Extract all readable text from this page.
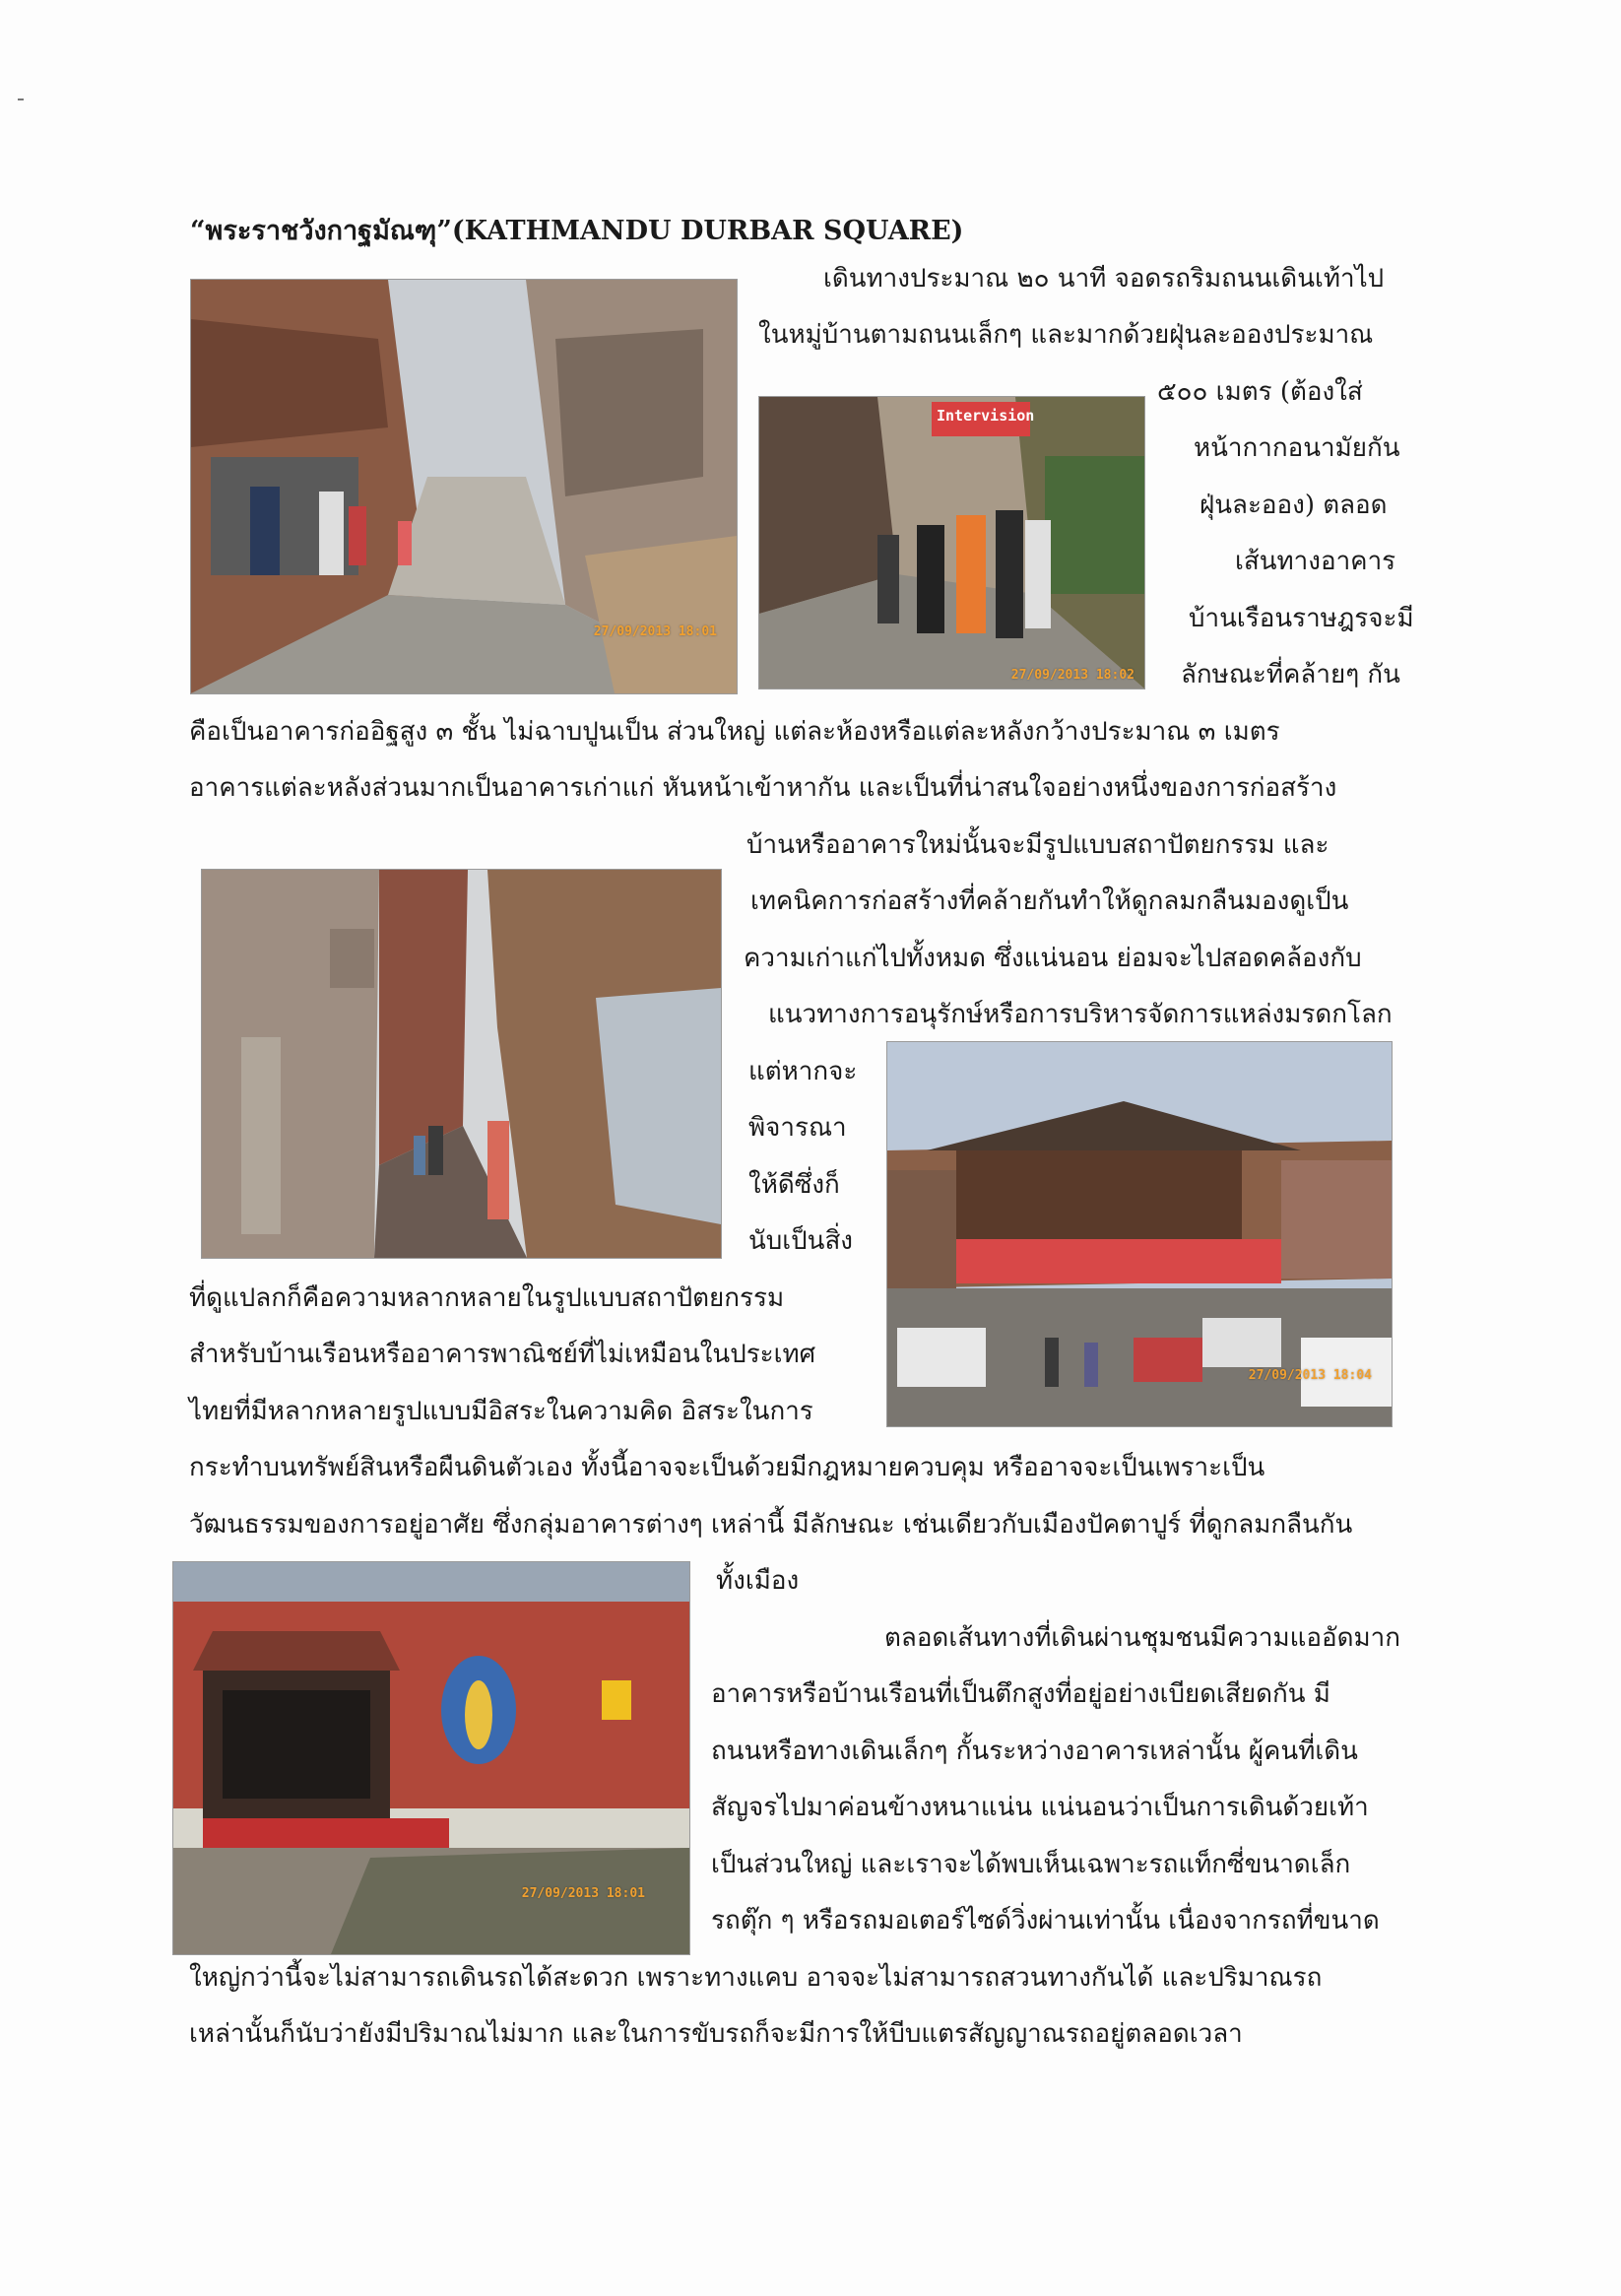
“พระราชวังกาฐมัณฑุ”(KATHMANDU DURBAR SQUARE)
27/09/2013 18:01
Intervision
27/09/2013 18:02
27/09/2013 18:04
27/09/2013 18:01
เดินทางประมาณ ๒๐ นาที จอดรถริมถนนเดินเท้าไป
ในหมู่บ้านตามถนนเล็กๆ และมากด้วยฝุ่นละอองประมาณ
๕๐๐ เมตร (ต้องใส่
หน้ากากอนามัยกัน
ฝุ่นละออง) ตลอด
เส้นทางอาคาร
บ้านเรือนราษฎรจะมี
ลักษณะที่คล้ายๆ กัน
คือเป็นอาคารก่ออิฐสูง ๓ ชั้น ไม่ฉาบปูนเป็น ส่วนใหญ่ แต่ละห้องหรือแต่ละหลังกว้างประมาณ ๓ เมตร
อาคารแต่ละหลังส่วนมากเป็นอาคารเก่าแก่ หันหน้าเข้าหากัน และเป็นที่น่าสนใจอย่างหนึ่งของการก่อสร้าง
บ้านหรืออาคารใหม่นั้นจะมีรูปแบบสถาปัตยกรรม และ
เทคนิคการก่อสร้างที่คล้ายกันทำให้ดูกลมกลืนมองดูเป็น
ความเก่าแก่ไปทั้งหมด ซึ่งแน่นอน ย่อมจะไปสอดคล้องกับ
แนวทางการอนุรักษ์หรือการบริหารจัดการแหล่งมรดกโลก
แต่หากจะ
พิจารณา
ให้ดีซึ่งก็
นับเป็นสิ่ง
ที่ดูแปลกก็คือความหลากหลายในรูปแบบสถาปัตยกรรม
สำหรับบ้านเรือนหรืออาคารพาณิชย์ที่ไม่เหมือนในประเทศ
ไทยที่มีหลากหลายรูปแบบมีอิสระในความคิด อิสระในการ
กระทำบนทรัพย์สินหรือผืนดินตัวเอง ทั้งนี้อาจจะเป็นด้วยมีกฎหมายควบคุม หรืออาจจะเป็นเพราะเป็น
วัฒนธรรมของการอยู่อาศัย ซึ่งกลุ่มอาคารต่างๆ เหล่านี้ มีลักษณะ เช่นเดียวกับเมืองปัคตาปูร์ ที่ดูกลมกลืนกัน
ทั้งเมือง
ตลอดเส้นทางที่เดินผ่านชุมชนมีความแออัดมาก
อาคารหรือบ้านเรือนที่เป็นตึกสูงที่อยู่อย่างเบียดเสียดกัน มี
ถนนหรือทางเดินเล็กๆ กั้นระหว่างอาคารเหล่านั้น ผู้คนที่เดิน
สัญจรไปมาค่อนข้างหนาแน่น แน่นอนว่าเป็นการเดินด้วยเท้า
เป็นส่วนใหญ่ และเราจะได้พบเห็นเฉพาะรถแท็กซี่ขนาดเล็ก
รถตุ๊ก ๆ หรือรถมอเตอร์ไซด์วิ่งผ่านเท่านั้น เนื่องจากรถที่ขนาด
ใหญ่กว่านี้จะไม่สามารถเดินรถได้สะดวก เพราะทางแคบ อาจจะไม่สามารถสวนทางกันได้ และปริมาณรถ
เหล่านั้นก็นับว่ายังมีปริมาณไม่มาก และในการขับรถก็จะมีการให้บีบแตรสัญญาณรถอยู่ตลอดเวลา
